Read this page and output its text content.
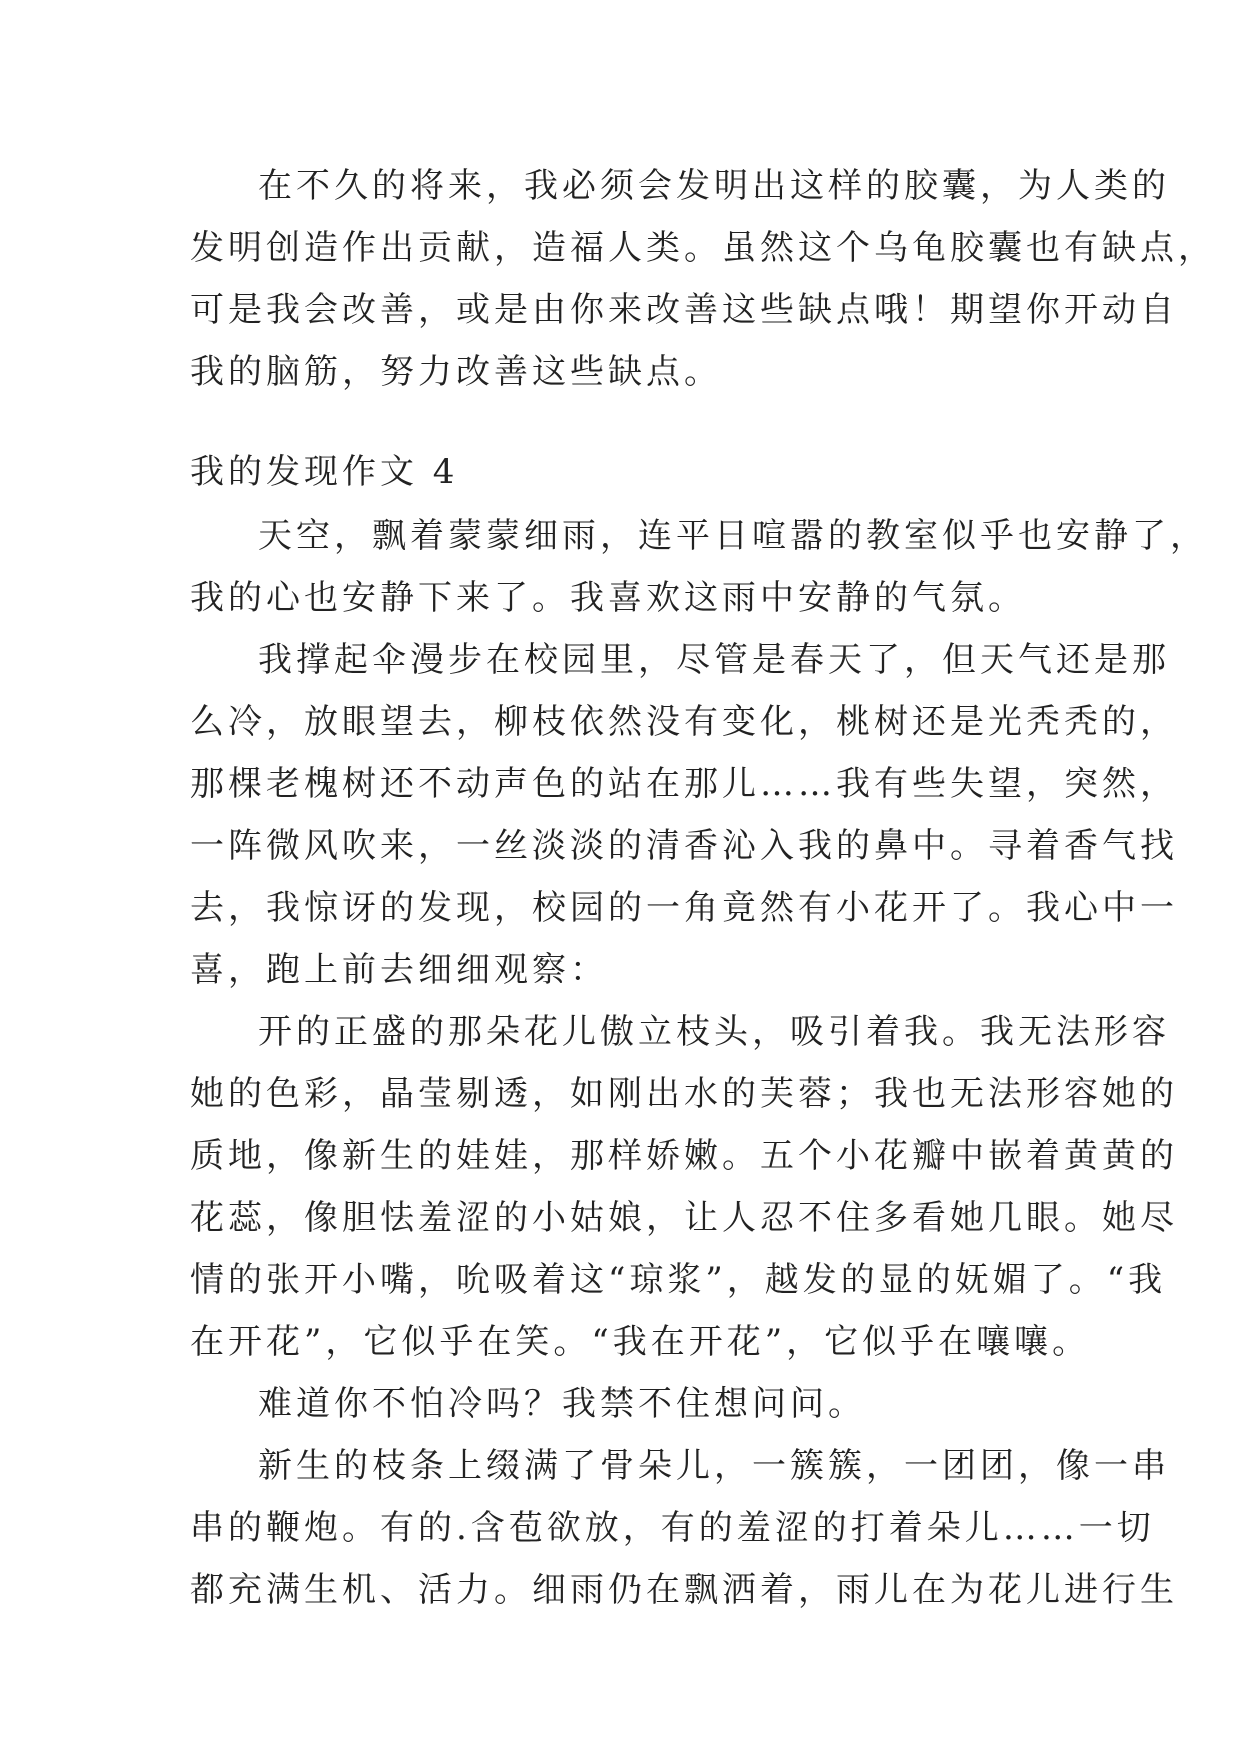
在不久的将来，我必须会发明出这样的胶囊，为人类的
发明创造作出贡献，造福人类。虽然这个乌龟胶囊也有缺点，
可是我会改善，或是由你来改善这些缺点哦！期望你开动自
我的脑筋，努力改善这些缺点。
我的发现作文 4
天空，飘着蒙蒙细雨，连平日喧嚣的教室似乎也安静了，
我的心也安静下来了。我喜欢这雨中安静的气氛。
我撑起伞漫步在校园里，尽管是春天了，但天气还是那
么冷，放眼望去，柳枝依然没有变化，桃树还是光秃秃的，
那棵老槐树还不动声色的站在那儿……我有些失望，突然，
一阵微风吹来，一丝淡淡的清香沁入我的鼻中。寻着香气找
去，我惊讶的发现，校园的一角竟然有小花开了。我心中一
喜，跑上前去细细观察：
开的正盛的那朵花儿傲立枝头，吸引着我。我无法形容
她的色彩，晶莹剔透，如刚出水的芙蓉；我也无法形容她的
质地，像新生的娃娃，那样娇嫩。五个小花瓣中嵌着黄黄的
花蕊，像胆怯羞涩的小姑娘，让人忍不住多看她几眼。她尽
情的张开小嘴，吮吸着这“琼浆”，越发的显的妩媚了。“我
在开花”，它似乎在笑。“我在开花”，它似乎在嚷嚷。
难道你不怕冷吗？我禁不住想问问。
新生的枝条上缀满了骨朵儿，一簇簇，一团团，像一串
串的鞭炮。有的.含苞欲放，有的羞涩的打着朵儿……一切
都充满生机、活力。细雨仍在飘洒着，雨儿在为花儿进行生
